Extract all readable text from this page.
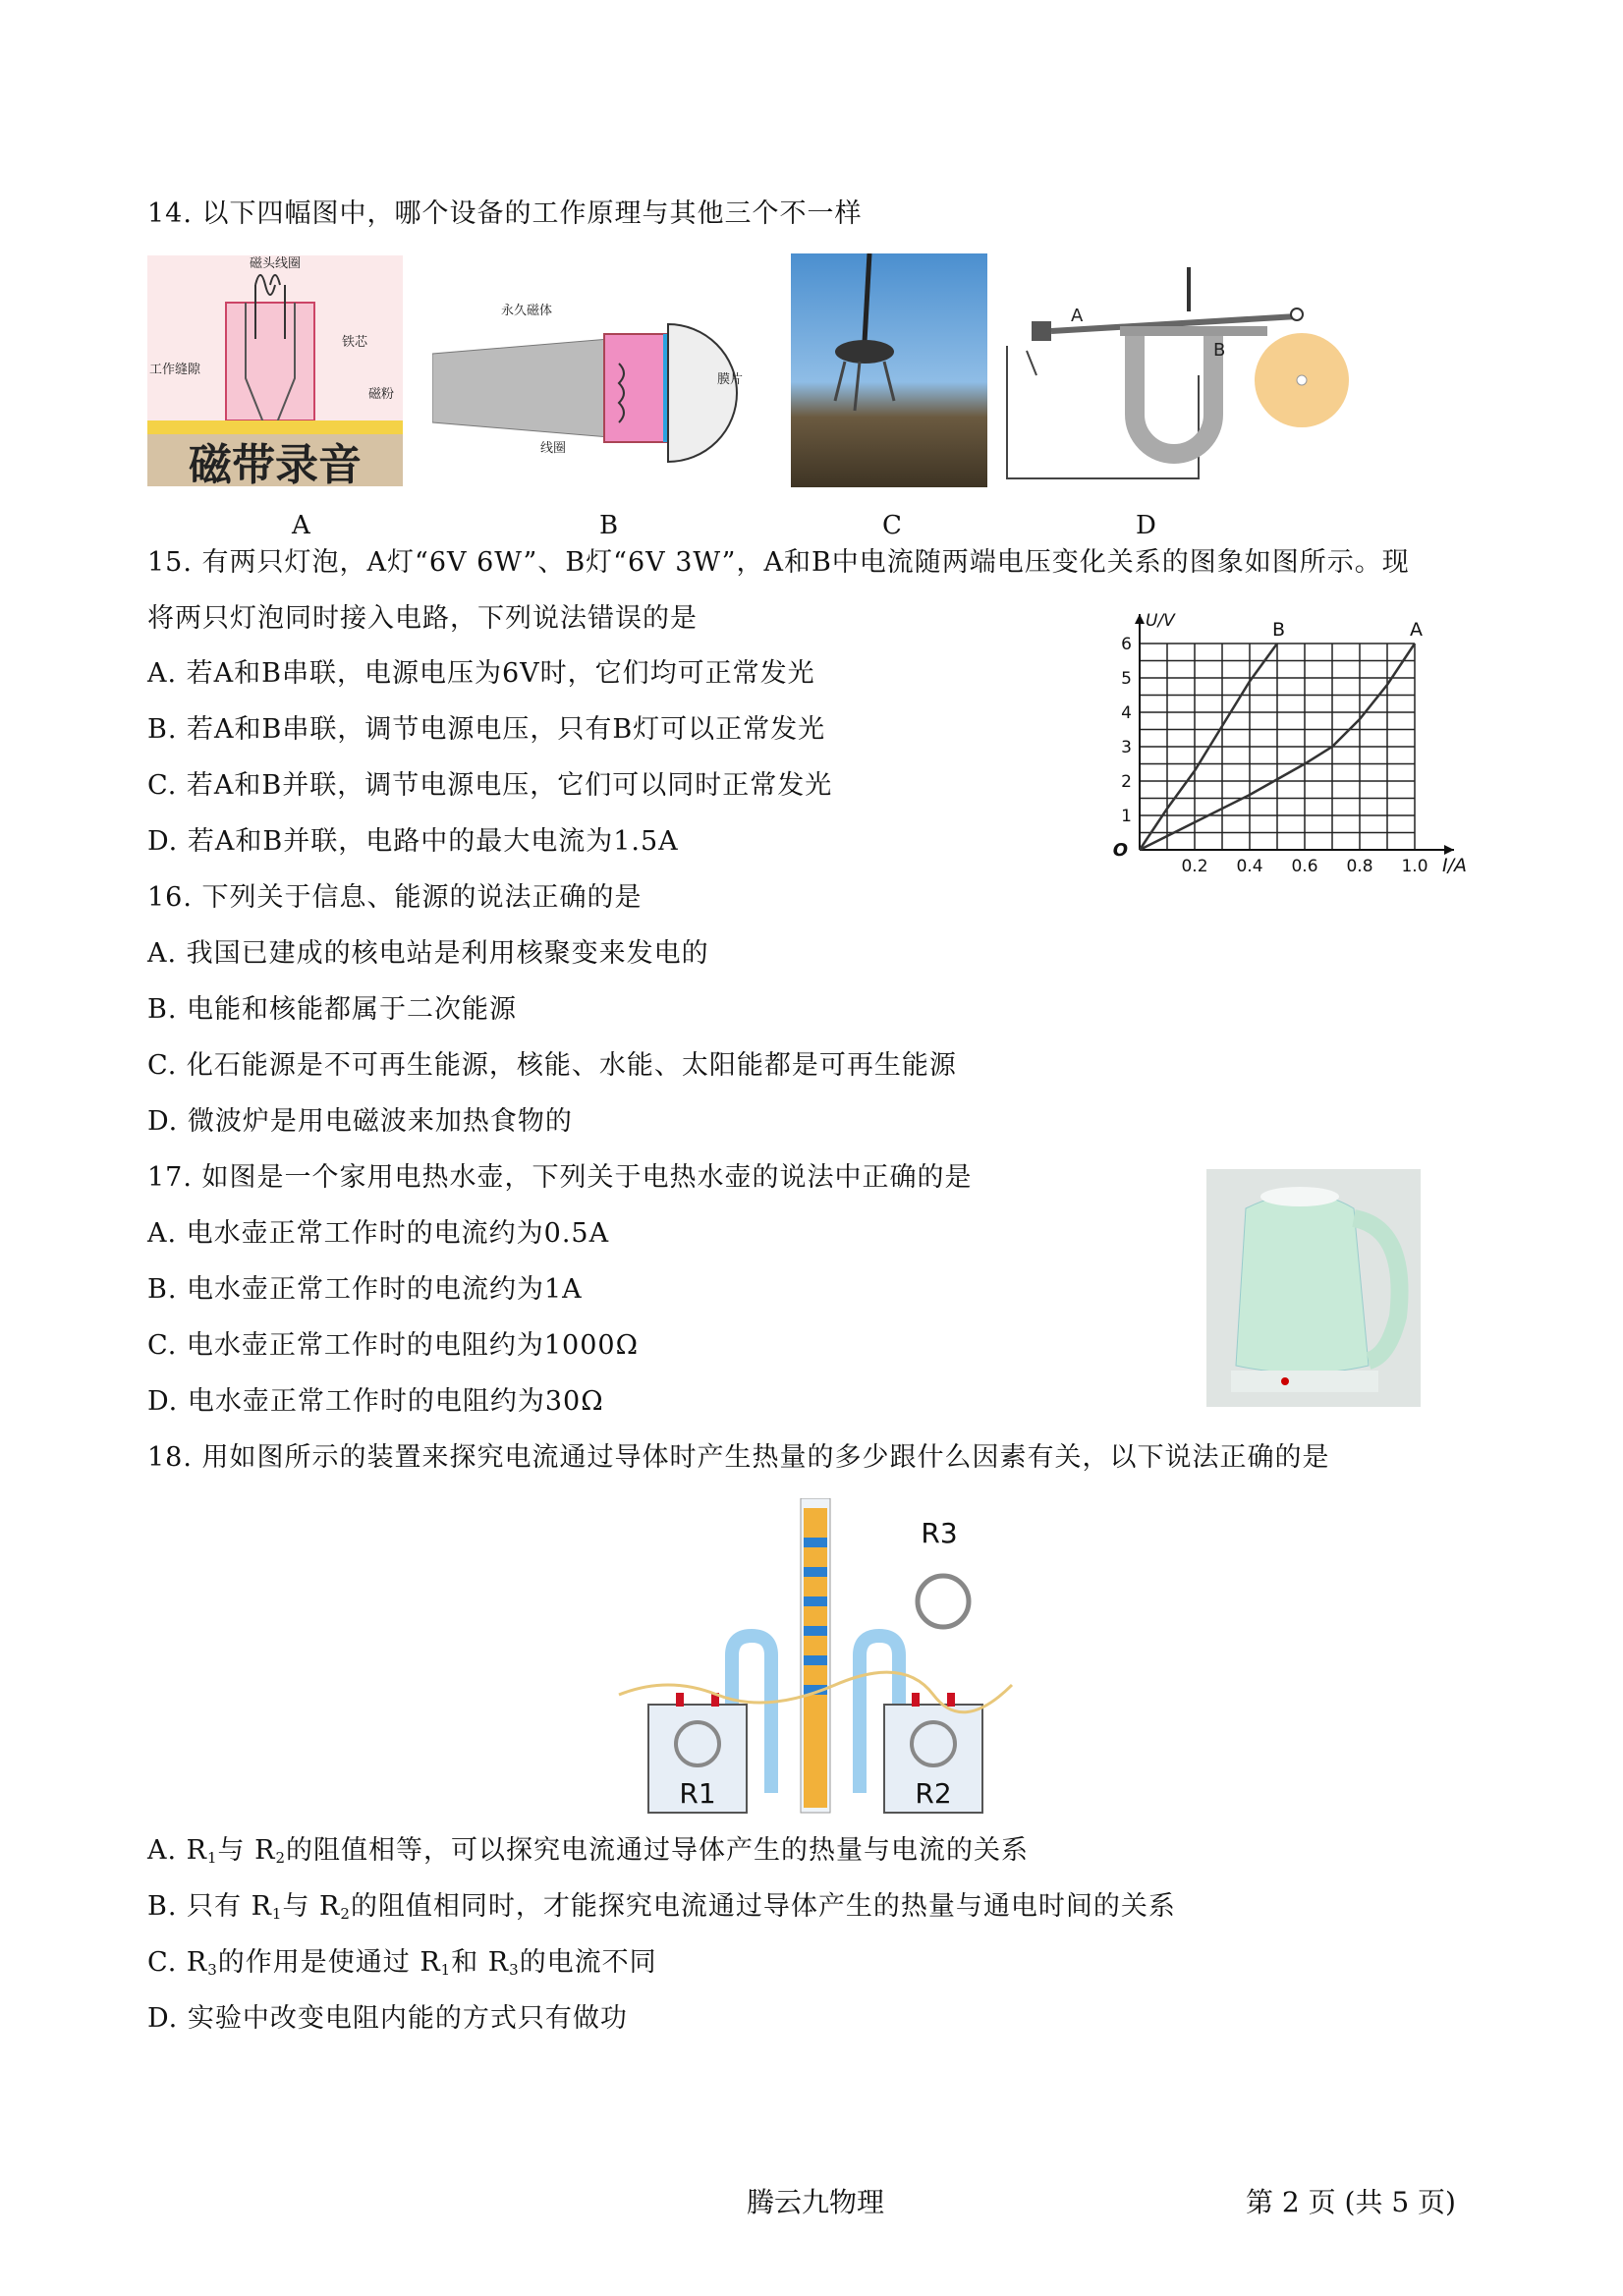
14. 以下四幅图中，哪个设备的工作原理与其他三个不一样
磁带录音
磁头线圈
铁芯
工作缝隙
磁粉
永久磁体
膜片
线圈
A
B
A	B	C	D
15. 有两只灯泡，A灯“6V 6W”、B灯“6V 3W”，A和B中电流随两端电压变化关系的图象如图所示。现
将两只灯泡同时接入电路，下列说法错误的是
A. 若A和B串联，电源电压为6V时，它们均可正常发光
B. 若A和B串联，调节电源电压，只有B灯可以正常发光
C. 若A和B并联，调节电源电压，它们可以同时正常发光
D. 若A和B并联，电路中的最大电流为1.5A
0.2 0.4 0.6 0.8 1.0
1
2
3
4
5
6
O
I/A
U/V	B	A
16. 下列关于信息、能源的说法正确的是
A. 我国已建成的核电站是利用核聚变来发电的
B. 电能和核能都属于二次能源
C. 化石能源是不可再生能源，核能、水能、太阳能都是可再生能源
D. 微波炉是用电磁波来加热食物的
17. 如图是一个家用电热水壶，下列关于电热水壶的说法中正确的是
A. 电水壶正常工作时的电流约为0.5A
B. 电水壶正常工作时的电流约为1A
C. 电水壶正常工作时的电阻约为1000Ω
D. 电水壶正常工作时的电阻约为30Ω
18. 用如图所示的装置来探究电流通过导体时产生热量的多少跟什么因素有关，以下说法正确的是
R1	R2
R3
A. $R_1$与 $R_2$的阻值相等，可以探究电流通过导体产生的热量与电流的关系
B. 只有 $R_1$与 $R_2$的阻值相同时，才能探究电流通过导体产生的热量与通电时间的关系
C. $R_3$的作用是使通过 $R_1$和 $R_3$的电流不同
D. 实验中改变电阻内能的方式只有做功
腾云九物理	第 2 页 (共 5 页)
